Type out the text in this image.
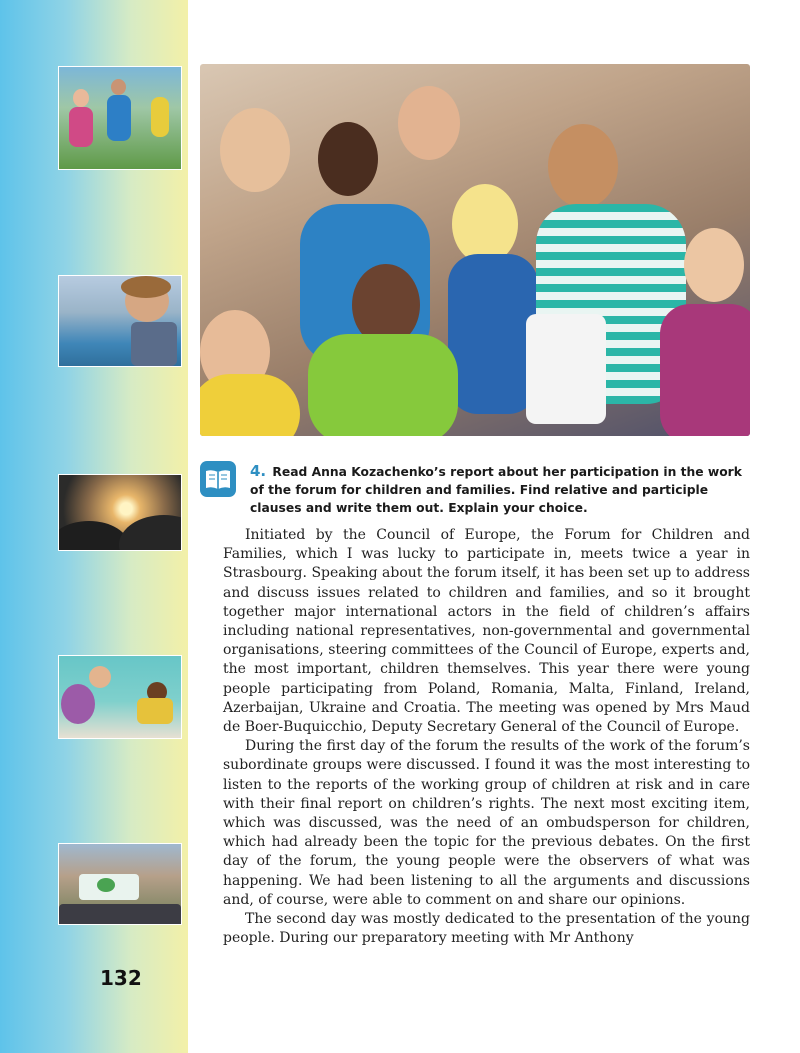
4. Read Anna Kozachenko’s report about her participation in the work of the forum for children and families. Find relative and participle clauses and write them out. Explain your choice.

Initiated by the Council of Europe, the Forum for Children and Families, which I was lucky to participate in, meets twice a year in Strasbourg. Speaking about the forum itself, it has been set up to address and discuss issues related to children and families, and so it brought together major international actors in the field of children’s affairs including national representatives, non-governmental and governmental organisations, steering committees of the Council of Europe, experts and, the most important, children themselves. This year there were young people participating from Poland, Romania, Malta, Finland, Ireland, Azerbaijan, Ukraine and Croatia. The meeting was opened by Mrs Maud de Boer-Buquicchio, Deputy Secretary General of the Council of Europe.

During the first day of the forum the results of the work of the forum’s subordinate groups were discussed. I found it was the most interesting to listen to the reports of the working group of children at risk and in care with their final report on children’s rights. The next most exciting item, which was discussed, was the need of an ombudsperson for children, which had already been the topic for the previous debates. On the first day of the forum, the young people were the observers of what was happening. We had been listening to all the arguments and discussions and, of course, were able to comment on and share our opinions.

The second day was mostly dedicated to the presentation of the young people. During our preparatory meeting with Mr Anthony

132
